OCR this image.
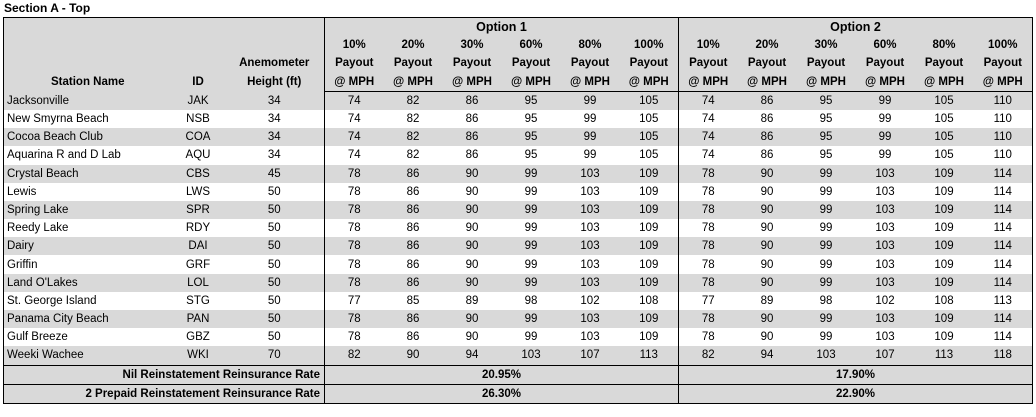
Section A - Top
			Option 1						Option 2					
			10%	20%	30%	60%	80%	100%	10%	20%	30%	60%	80%	100%
		Anemometer	Payout	Payout	Payout	Payout	Payout	Payout	Payout	Payout	Payout	Payout	Payout	Payout
Station Name	ID	Height (ft)	@ MPH	@ MPH	@ MPH	@ MPH	@ MPH	@ MPH	@ MPH	@ MPH	@ MPH	@ MPH	@ MPH	@ MPH
Jacksonville	JAK	34	74	82	86	95	99	105	74	86	95	99	105	110
New Smyrna Beach	NSB	34	74	82	86	95	99	105	74	86	95	99	105	110
Cocoa Beach Club	COA	34	74	82	86	95	99	105	74	86	95	99	105	110
Aquarina R and D Lab	AQU	34	74	82	86	95	99	105	74	86	95	99	105	110
Crystal Beach	CBS	45	78	86	90	99	103	109	78	90	99	103	109	114
Lewis	LWS	50	78	86	90	99	103	109	78	90	99	103	109	114
Spring Lake	SPR	50	78	86	90	99	103	109	78	90	99	103	109	114
Reedy Lake	RDY	50	78	86	90	99	103	109	78	90	99	103	109	114
Dairy	DAI	50	78	86	90	99	103	109	78	90	99	103	109	114
Griffin	GRF	50	78	86	90	99	103	109	78	90	99	103	109	114
Land O'Lakes	LOL	50	78	86	90	99	103	109	78	90	99	103	109	114
St. George Island	STG	50	77	85	89	98	102	108	77	89	98	102	108	113
Panama City Beach	PAN	50	78	86	90	99	103	109	78	90	99	103	109	114
Gulf Breeze	GBZ	50	78	86	90	99	103	109	78	90	99	103	109	114
Weeki Wachee	WKI	70	82	90	94	103	107	113	82	94	103	107	113	118
Nil Reinstatement Reinsurance Rate			20.95%						17.90%					
2 Prepaid Reinstatement Reinsurance Rate			26.30%						22.90%					
